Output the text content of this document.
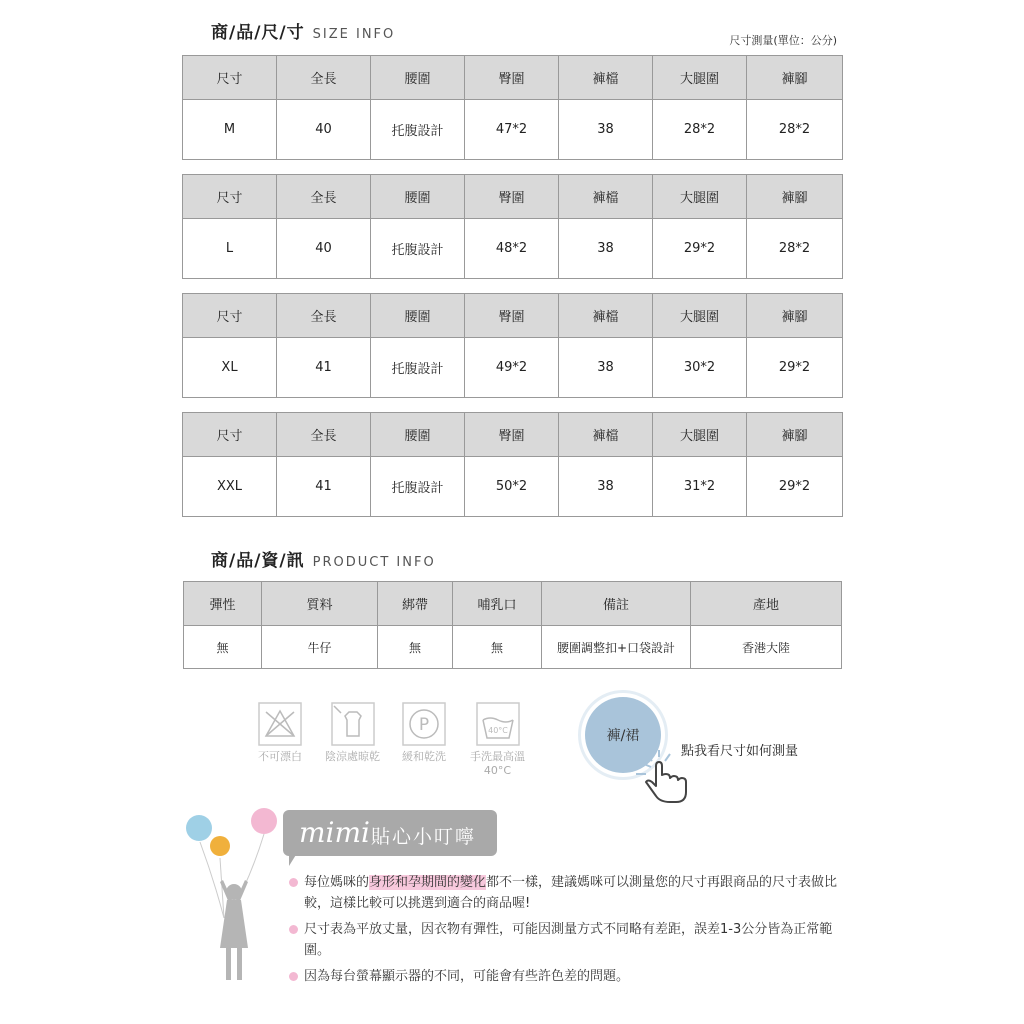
商/品/尺/寸 SIZE INFO	尺寸測量(單位：公分)
尺寸	全長	腰圍	臀圍	褲檔	大腿圍	褲腳
M	40	托腹設計	47*2	38	28*2	28*2
尺寸	全長	腰圍	臀圍	褲檔	大腿圍	褲腳
L	40	托腹設計	48*2	38	29*2	28*2
尺寸	全長	腰圍	臀圍	褲檔	大腿圍	褲腳
XL	41	托腹設計	49*2	38	30*2	29*2
尺寸	全長	腰圍	臀圍	褲檔	大腿圍	褲腳
XXL	41	托腹設計	50*2	38	31*2	29*2
商/品/資/訊 PRODUCT INFO
彈性	質料	綁帶	哺乳口	備註	產地
無	牛仔	無	無	腰圍調整扣+口袋設計	香港大陸
不可漂白 陰涼處晾乾
P
緩和乾洗
40°C
手洗最高溫
40°C
褲/裙
點我看尺寸如何測量
mimi 貼心小叮嚀
每位媽咪的身形和孕期間的變化都不一樣，建議媽咪可以測量您的尺寸再跟商品的尺寸表做比較，這樣比較可以挑選到適合的商品喔!
尺寸表為平放丈量，因衣物有彈性，可能因測量方式不同略有差距，誤差1-3公分皆為正常範圍。
因為每台螢幕顯示器的不同，可能會有些許色差的問題。
